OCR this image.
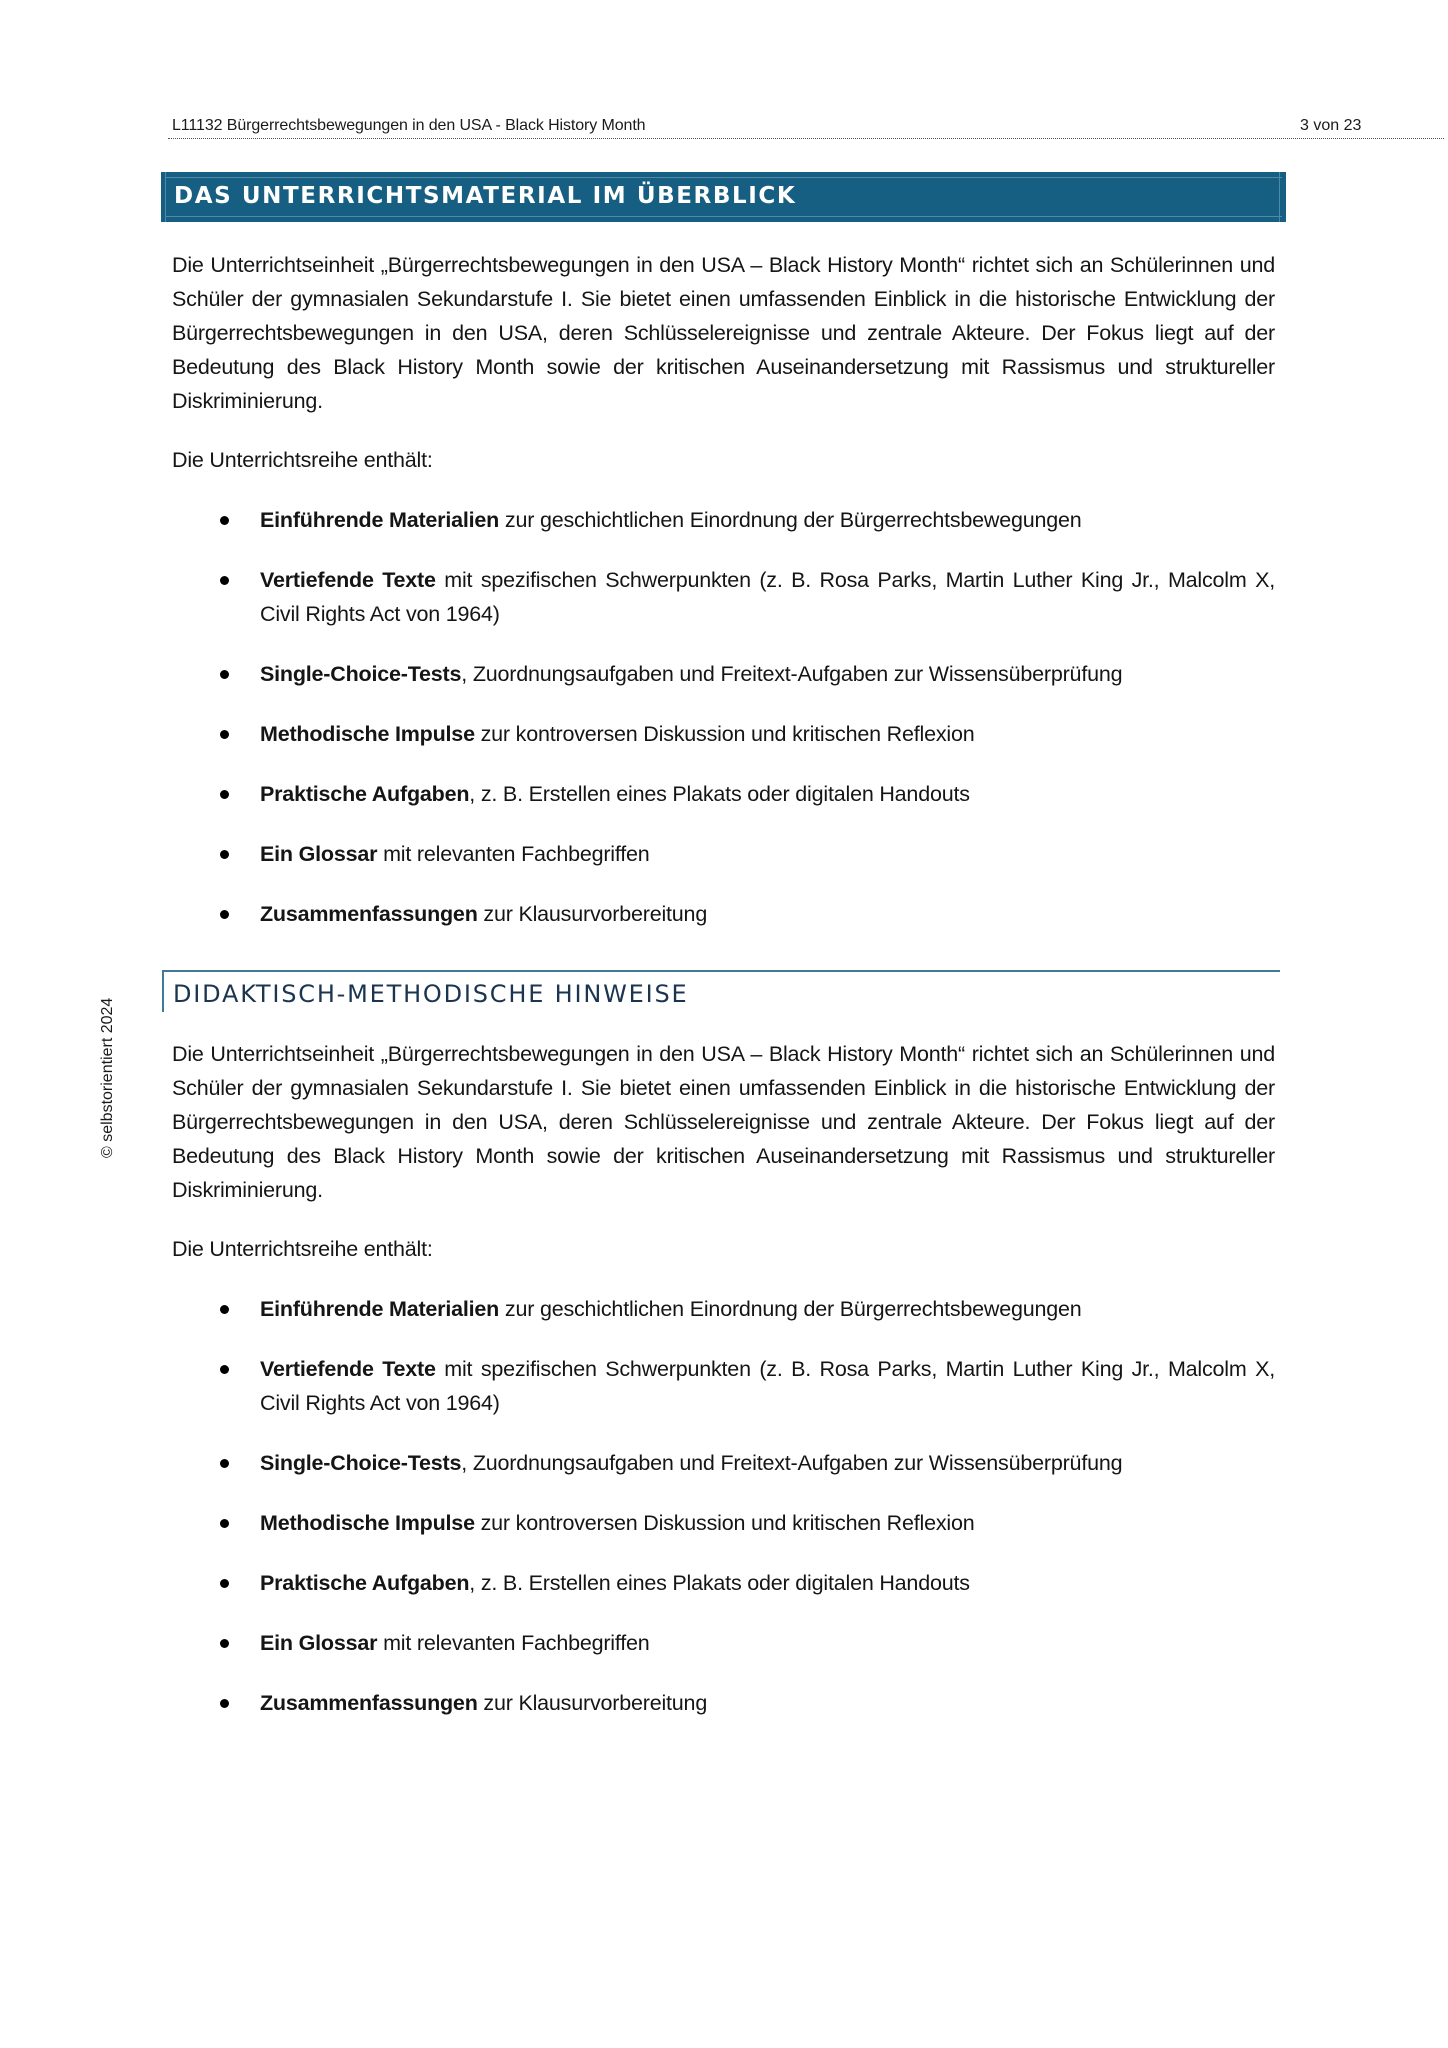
L11132 Bürgerrechtsbewegungen in den USA - Black History Month	3 von 23
© selbstorientiert 2024
DAS UNTERRICHTSMATERIAL IM ÜBERBLICK

Die Unterrichtseinheit „Bürgerrechtsbewegungen in den USA – Black History Month“ richtet sich an Schülerinnen und Schüler der gymnasialen Sekundarstufe I. Sie bietet einen umfassenden Einblick in die historische Entwicklung der Bürgerrechtsbewegungen in den USA, deren Schlüsselereignisse und zentrale Akteure. Der Fokus liegt auf der Bedeutung des Black History Month sowie der kritischen Auseinandersetzung mit Rassismus und struktureller Diskriminierung.

Die Unterrichtsreihe enthält:

Einführende Materialien zur geschichtlichen Einordnung der Bürgerrechtsbewegungen
Vertiefende Texte mit spezifischen Schwerpunkten (z. B. Rosa Parks, Martin Luther King Jr., Malcolm X, Civil Rights Act von 1964)
Single-Choice-Tests, Zuordnungsaufgaben und Freitext-Aufgaben zur Wissensüberprüfung
Methodische Impulse zur kontroversen Diskussion und kritischen Reflexion
Praktische Aufgaben, z. B. Erstellen eines Plakats oder digitalen Handouts
Ein Glossar mit relevanten Fachbegriffen
Zusammenfassungen zur Klausurvorbereitung
DIDAKTISCH-METHODISCHE HINWEISE

Die Unterrichtseinheit „Bürgerrechtsbewegungen in den USA – Black History Month“ richtet sich an Schülerinnen und Schüler der gymnasialen Sekundarstufe I. Sie bietet einen umfassenden Einblick in die historische Entwicklung der Bürgerrechtsbewegungen in den USA, deren Schlüsselereignisse und zentrale Akteure. Der Fokus liegt auf der Bedeutung des Black History Month sowie der kritischen Auseinandersetzung mit Rassismus und struktureller Diskriminierung.

Die Unterrichtsreihe enthält:

Einführende Materialien zur geschichtlichen Einordnung der Bürgerrechtsbewegungen
Vertiefende Texte mit spezifischen Schwerpunkten (z. B. Rosa Parks, Martin Luther King Jr., Malcolm X, Civil Rights Act von 1964)
Single-Choice-Tests, Zuordnungsaufgaben und Freitext-Aufgaben zur Wissensüberprüfung
Methodische Impulse zur kontroversen Diskussion und kritischen Reflexion
Praktische Aufgaben, z. B. Erstellen eines Plakats oder digitalen Handouts
Ein Glossar mit relevanten Fachbegriffen
Zusammenfassungen zur Klausurvorbereitung
